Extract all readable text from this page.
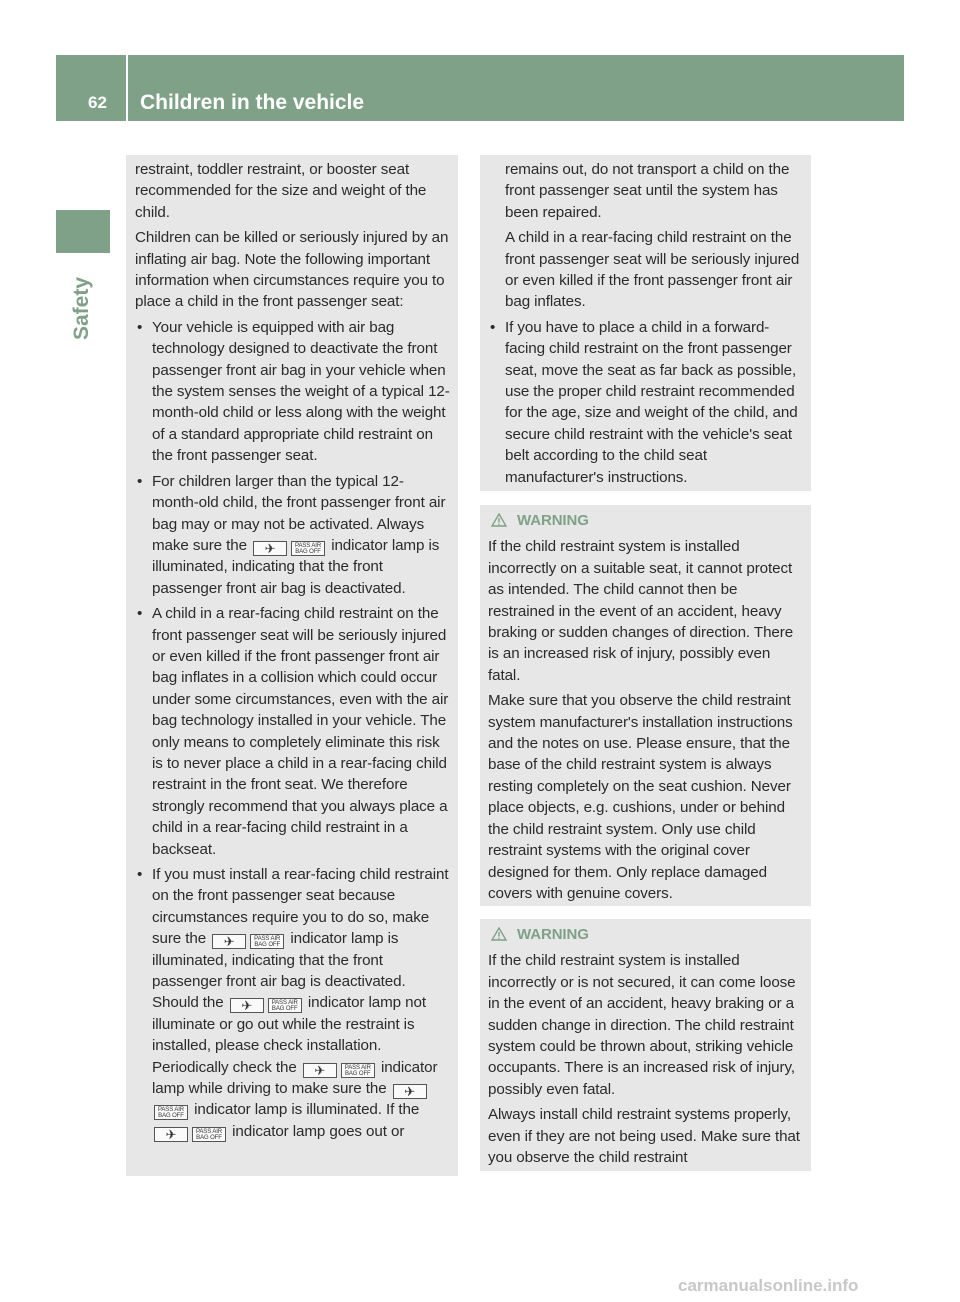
62 Children in the vehicle
Safety

restraint, toddler restraint, or booster seat recommended for the size and weight of the child.

Children can be killed or seriously injured by an inflating air bag. Note the following important information when circumstances require you to place a child in the front passenger seat:

• Your vehicle is equipped with air bag technology designed to deactivate the front passenger front air bag in your vehicle when the system senses the weight of a typical 12-month-old child or less along with the weight of a standard appropriate child restraint on the front passenger seat.
• For children larger than the typical 12-month-old child, the front passenger front air bag may or may not be activated. Always make sure the ✈	PASS AIR BAG OFF indicator lamp is illuminated, indicating that the front passenger front air bag is deactivated.
• A child in a rear-facing child restraint on the front passenger seat will be seriously injured or even killed if the front passenger front air bag inflates in a collision which could occur under some circumstances, even with the air bag technology installed in your vehicle. The only means to completely eliminate this risk is to never place a child in a rear-facing child restraint in the front seat. We therefore strongly recommend that you always place a child in a rear-facing child restraint in a backseat.
• If you must install a rear-facing child restraint on the front passenger seat because circumstances require you to do so, make sure the ✈	PASS AIR BAG OFF indicator lamp is illuminated, indicating that the front passenger front air bag is deactivated. Should the ✈	PASS AIR BAG OFF indicator lamp not illuminate or go out while the restraint is installed, please check installation. Periodically check the ✈	PASS AIR BAG OFF indicator lamp while driving to make sure the ✈PASS AIR BAG OFF indicator lamp is illuminated. If the ✈	PASS AIR BAG OFF indicator lamp goes out or

remains out, do not transport a child on the front passenger seat until the system has been repaired.

A child in a rear-facing child restraint on the front passenger seat will be seriously injured or even killed if the front passenger front air bag inflates.

• If you have to place a child in a forward-facing child restraint on the front passenger seat, move the seat as far back as possible, use the proper child restraint recommended for the age, size and weight of the child, and secure child restraint with the vehicle's seat belt according to the child seat manufacturer's instructions.
WARNING

If the child restraint system is installed incorrectly on a suitable seat, it cannot protect as intended. The child cannot then be restrained in the event of an accident, heavy braking or sudden changes of direction. There is an increased risk of injury, possibly even fatal.

Make sure that you observe the child restraint system manufacturer's installation instructions and the notes on use. Please ensure, that the base of the child restraint system is always resting completely on the seat cushion. Never place objects, e.g. cushions, under or behind the child restraint system. Only use child restraint systems with the original cover designed for them. Only replace damaged covers with genuine covers.

WARNING

If the child restraint system is installed incorrectly or is not secured, it can come loose in the event of an accident, heavy braking or a sudden change in direction. The child restraint system could be thrown about, striking vehicle occupants. There is an increased risk of injury, possibly even fatal.

Always install child restraint systems properly, even if they are not being used. Make sure that you observe the child restraint

carmanualsonline.info
